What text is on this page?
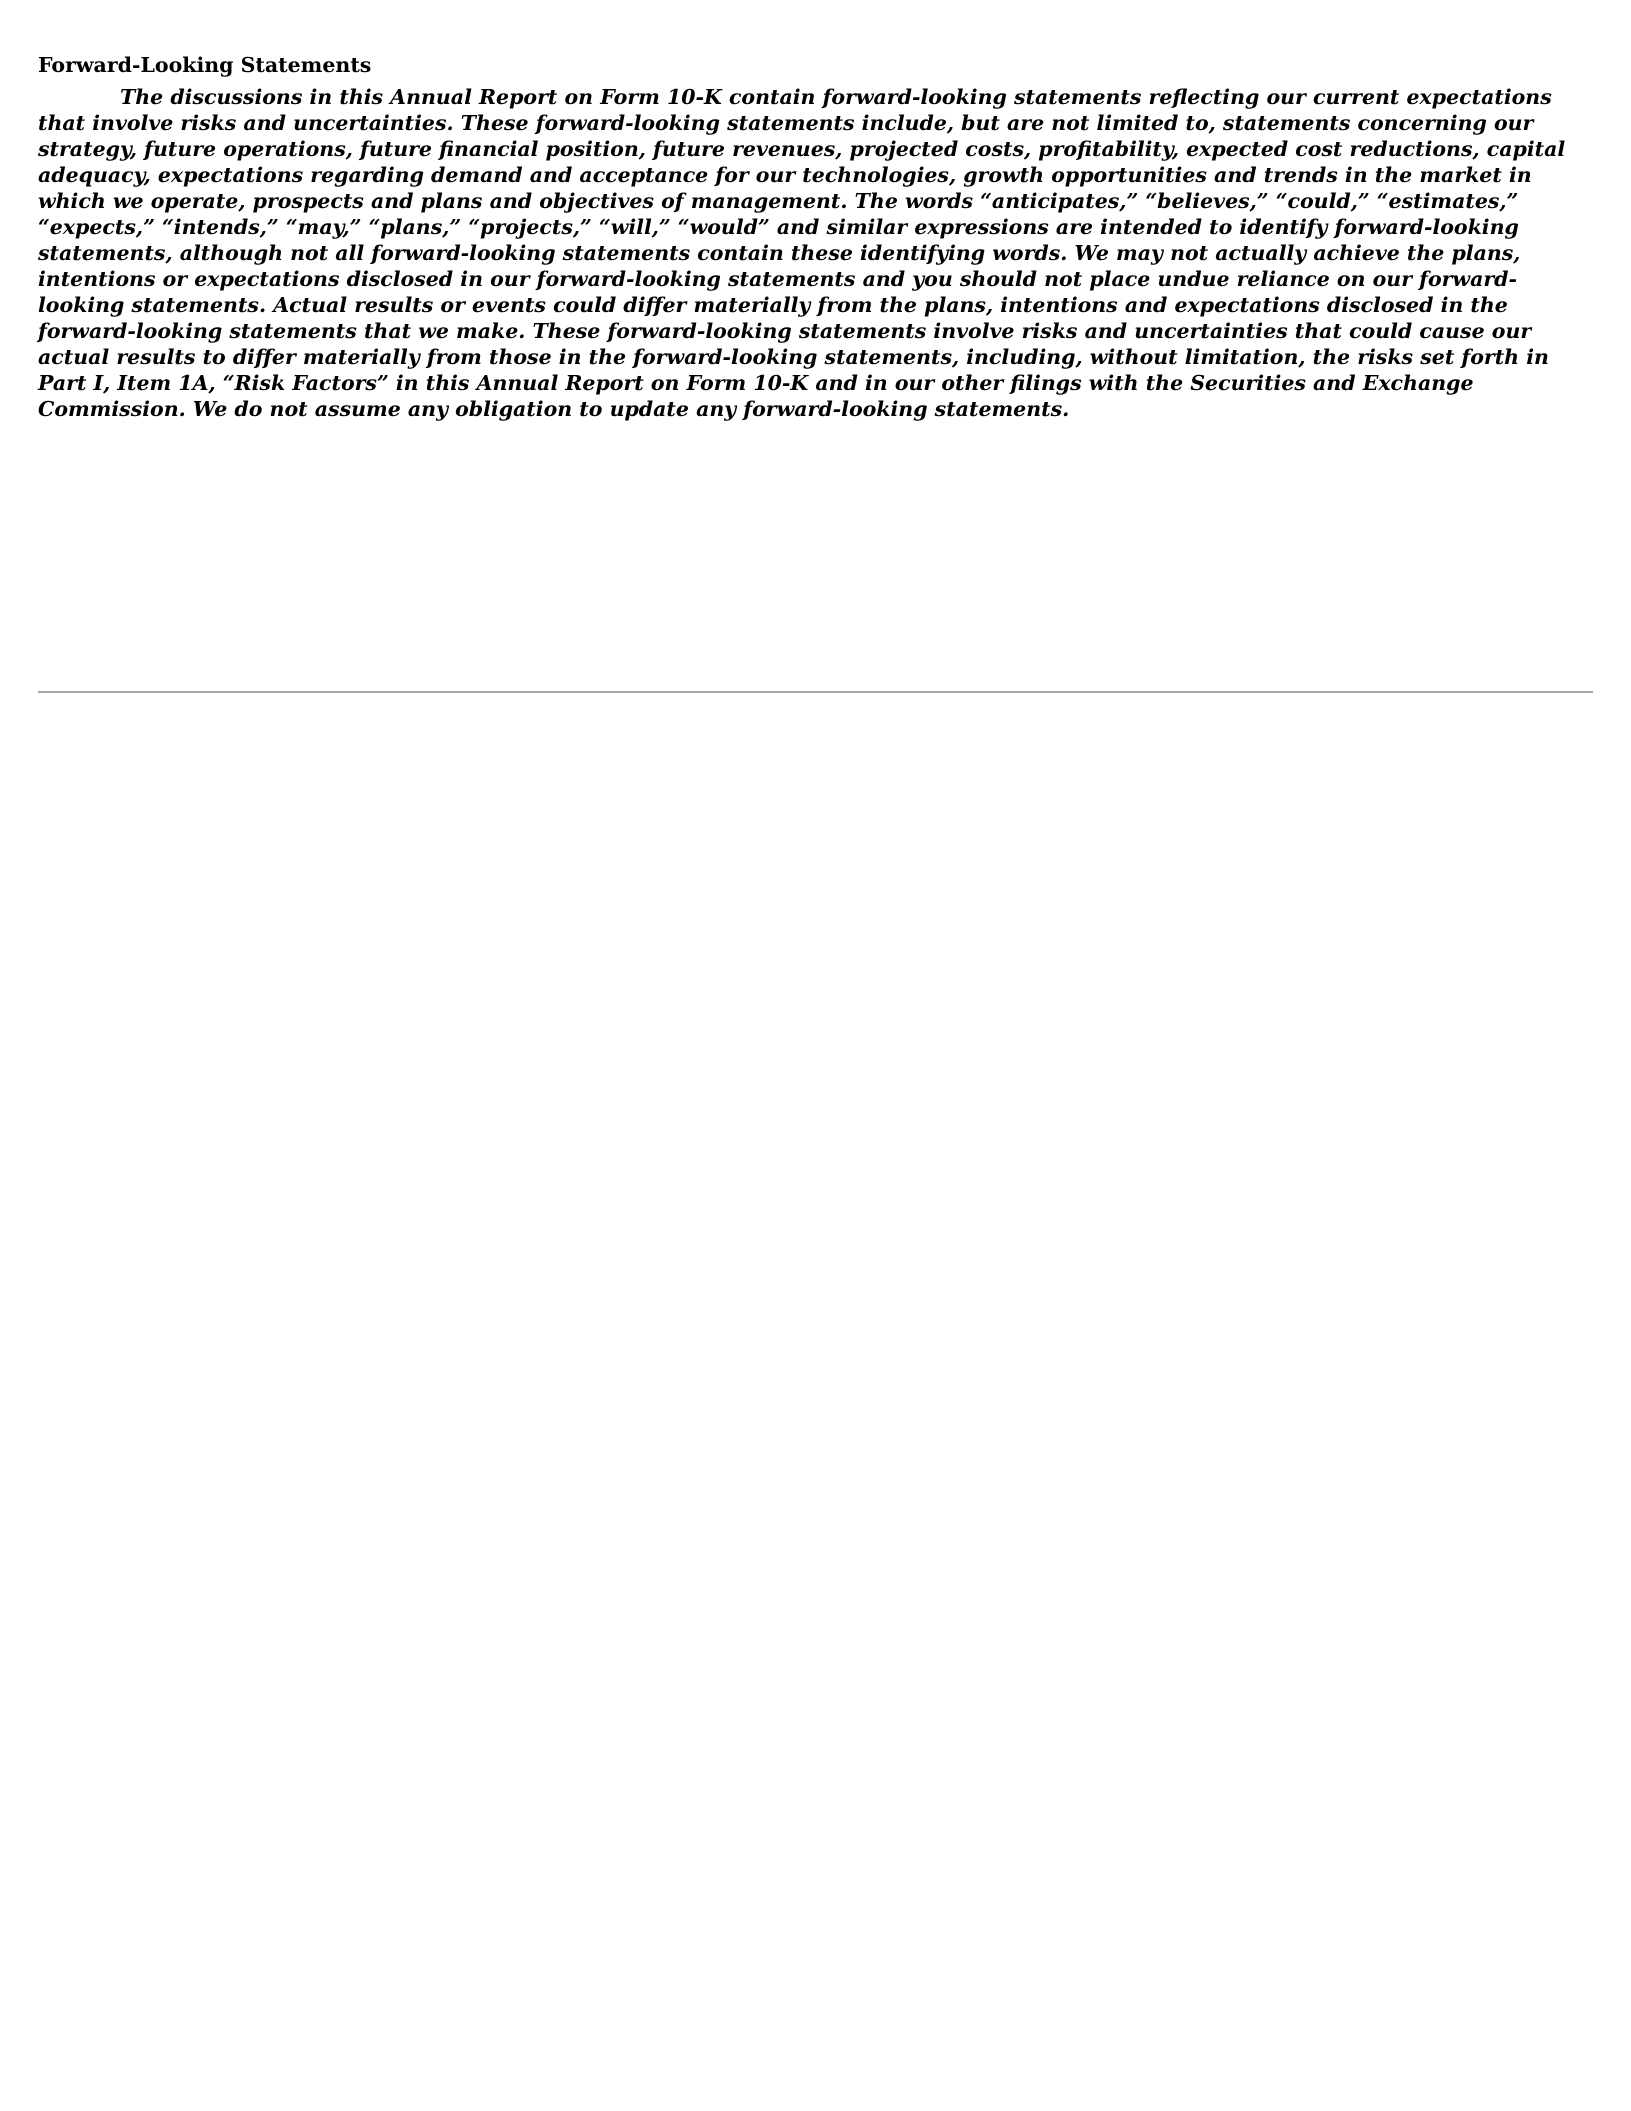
Forward-Looking Statements

The discussions in this Annual Report on Form 10-K contain forward-looking statements reflecting our current expectations that involve risks and uncertainties. These forward-looking statements include, but are not limited to, statements concerning our strategy, future operations, future financial position, future revenues, projected costs, profitability, expected cost reductions, capital adequacy, expectations regarding demand and acceptance for our technologies, growth opportunities and trends in the market in which we operate, prospects and plans and objectives of management. The words “anticipates,” “believes,” “could,” “estimates,” “expects,” “intends,” “may,” “plans,” “projects,” “will,” “would” and similar expressions are intended to identify forward-looking statements, although not all forward-looking statements contain these identifying words. We may not actually achieve the plans, intentions or expectations disclosed in our forward-looking statements and you should not place undue reliance on our forward-looking statements. Actual results or events could differ materially from the plans, intentions and expectations disclosed in the forward-looking statements that we make. These forward-looking statements involve risks and uncertainties that could cause our actual results to differ materially from those in the forward-looking statements, including, without limitation, the risks set forth in Part I, Item 1A, “Risk Factors” in this Annual Report on Form 10-K and in our other filings with the Securities and Exchange Commission. We do not assume any obligation to update any forward-looking statements.
